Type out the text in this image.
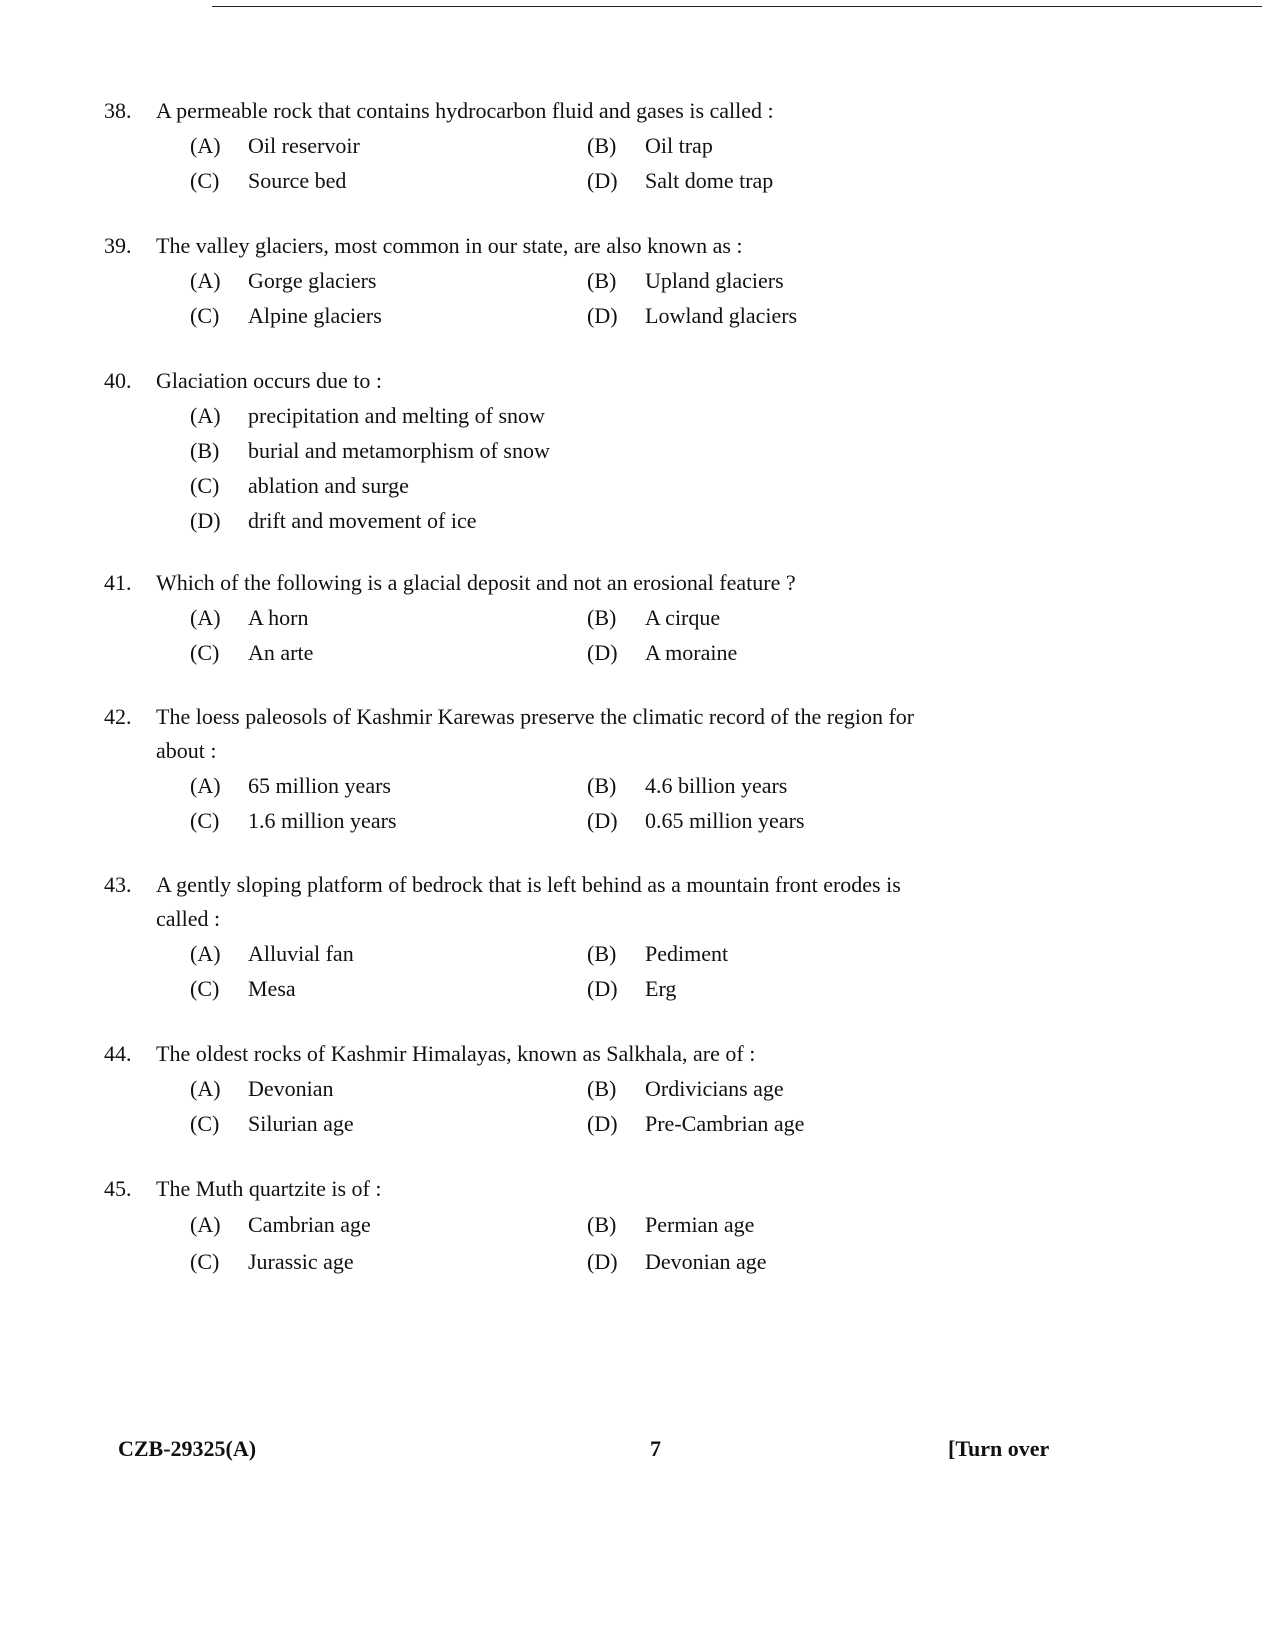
38.	A permeable rock that contains hydrocarbon fluid and gases is called :
(A)	Oil reservoir	(B)	Oil trap
(C)	Source bed	(D)	Salt dome trap
39.	The valley glaciers, most common in our state, are also known as :
(A)	Gorge glaciers	(B)	Upland glaciers
(C)	Alpine glaciers	(D)	Lowland glaciers
40.	Glaciation occurs due to :
(A)	precipitation and melting of snow
(B)	burial and metamorphism of snow
(C)	ablation and surge
(D)	drift and movement of ice
41.	Which of the following is a glacial deposit and not an erosional feature ?
(A)	A horn	(B)	A cirque
(C)	An arte	(D)	A moraine
42.	The loess paleosols of Kashmir Karewas preserve the climatic record of the region for about :
(A)	65 million years	(B)	4.6 billion years
(C)	1.6 million years	(D)	0.65 million years
43.	A gently sloping platform of bedrock that is left behind as a mountain front erodes is called :
(A)	Alluvial fan	(B)	Pediment
(C)	Mesa	(D)	Erg
44.	The oldest rocks of Kashmir Himalayas, known as Salkhala, are of :
(A)	Devonian	(B)	Ordivicians age
(C)	Silurian age	(D)	Pre-Cambrian age
45.	The Muth quartzite is of :
(A)	Cambrian age	(B)	Permian age
(C)	Jurassic age	(D)	Devonian age
CZB-29325(A)	7	[Turn over
